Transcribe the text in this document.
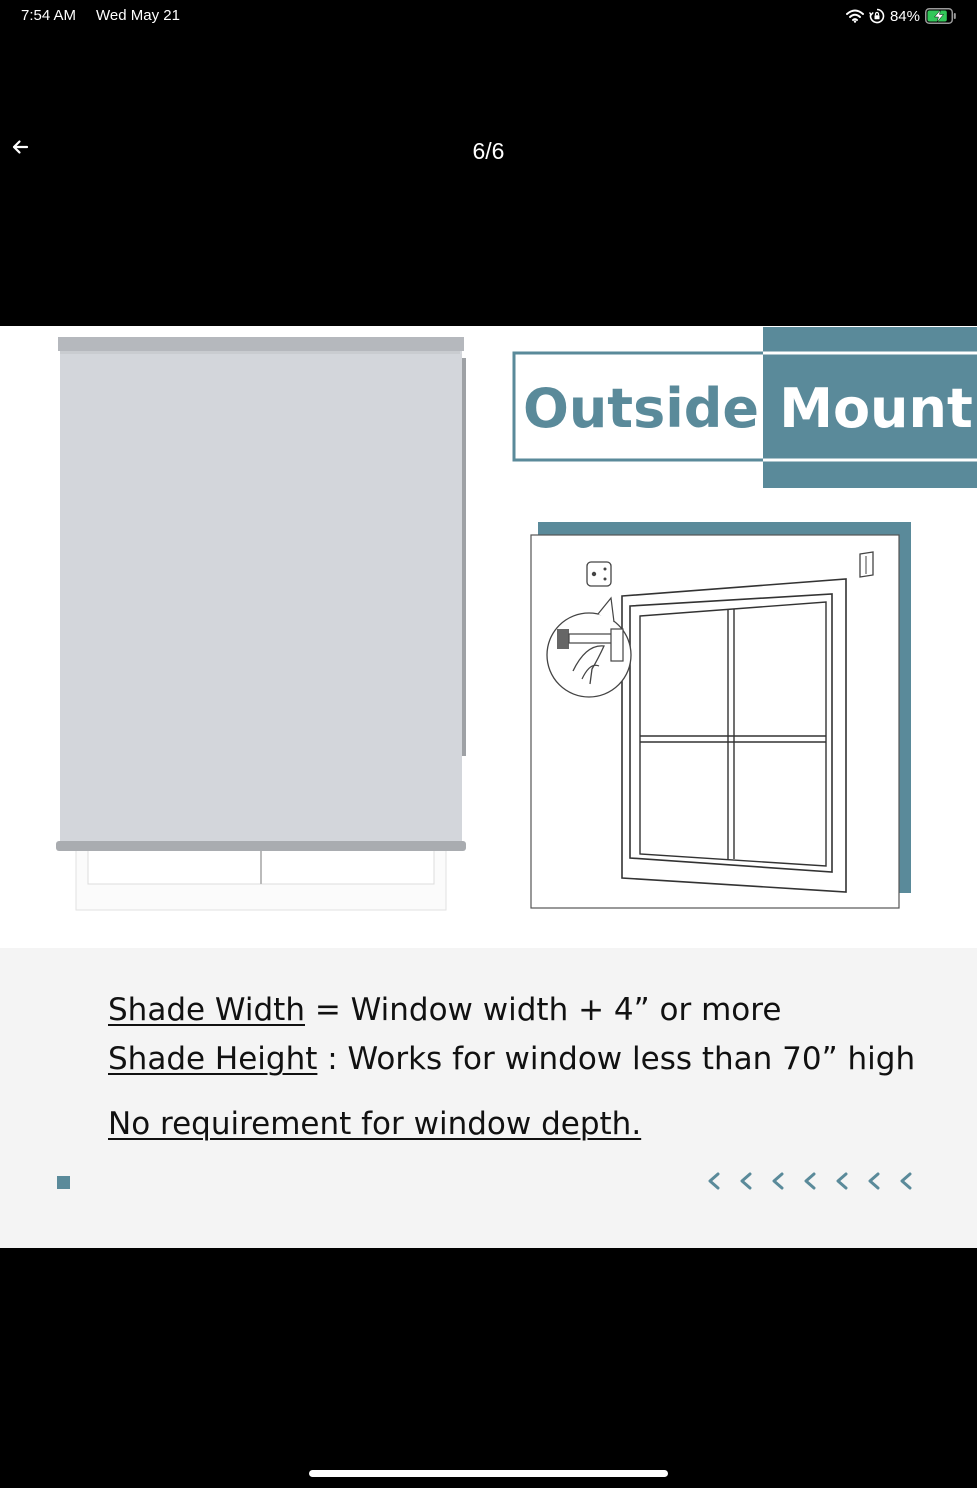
7:54 AM Wed May 21	84%
6/6
Outside Mount
Shade Width = Window width + 4” or more
Shade Height : Works for window less than 70” high
No requirement for window depth.
